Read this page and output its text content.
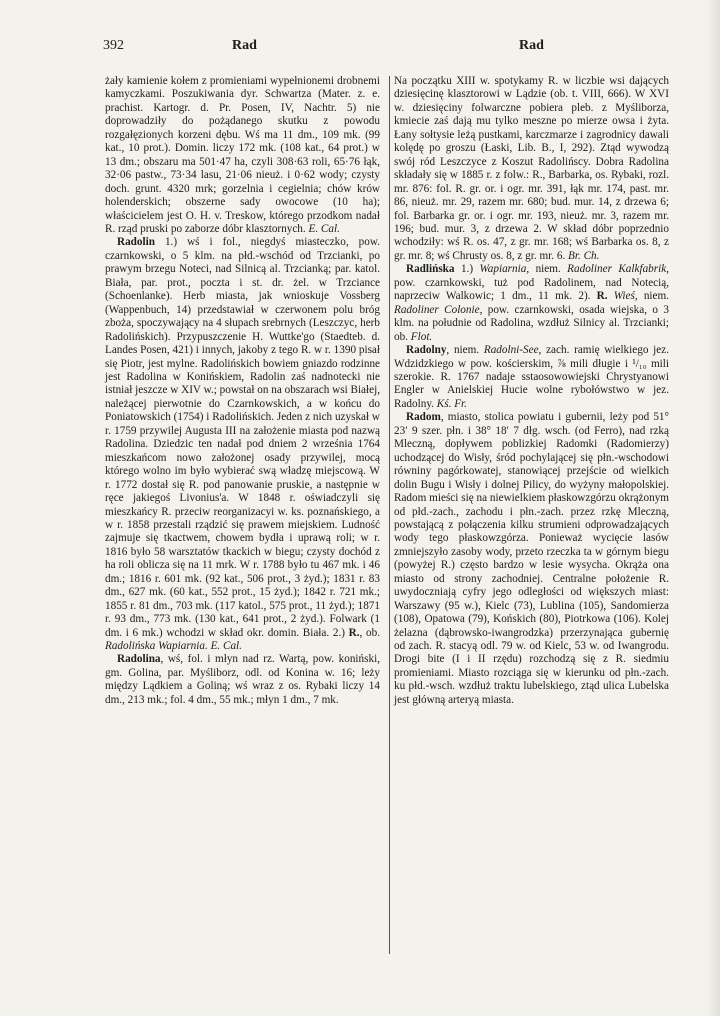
392	Rad	Rad

żały kamienie kołem z promieniami wypełnionemi drobnemi kamyczkami. Poszukiwania dyr. Schwartza (Mater. z. e. prachist. Kartogr. d. Pr. Posen, IV, Nachtr. 5) nie doprowadziły do pożądanego skutku z powodu rozgałęzionych korzeni dębu. Wś ma 11 dm., 109 mk. (99 kat., 10 prot.). Domin. liczy 172 mk. (108 kat., 64 prot.) w 13 dm.; obszaru ma 501·47 ha, czyli 308·63 roli, 65·76 łąk, 32·06 pastw., 73·34 lasu, 21·06 nieuż. i 0·62 wody; czysty doch. grunt. 4320 mrk; gorzelnia i cegielnia; chów krów holenderskich; obszerne sady owocowe (10 ha); właścicielem jest O. H. v. Treskow, którego przodkom nadał R. rząd pruski po zaborze dóbr klasztornych. E. Cal.

Radolin 1.) wś i fol., niegdyś miasteczko, pow. czarnkowski, o 5 klm. na płd.-wschód od Trzcianki, po prawym brzegu Noteci, nad Silnicą al. Trzcianką; par. katol. Biała, par. prot., poczta i st. dr. żel. w Trzciance (Schoenlanke). Herb miasta, jak wnioskuje Vossberg (Wappenbuch, 14) przedstawiał w czerwonem polu bróg zboża, spoczywający na 4 słupach srebrnych (Leszczyc, herb Radolińskich). Przypuszczenie H. Wuttke'go (Staedteb. d. Landes Posen, 421) i innych, jakoby z tego R. w r. 1390 pisał się Piotr, jest mylne. Radolińskich bowiem gniazdo rodzinne jest Radolina w Konińskiem, Radolin zaś nadnotecki nie istniał jeszcze w XIV w.; powstał on na obszarach wsi Białej, należącej pierwotnie do Czarnkowskich, a w końcu do Poniatowskich (1754) i Radolińskich. Jeden z nich uzyskał w r. 1759 przywilej Augusta III na założenie miasta pod nazwą Radolina. Dziedzic ten nadał pod dniem 2 września 1764 mieszkańcom nowo założonej osady przywilej, mocą którego wolno im było wybierać swą władzę miejscową. W r. 1772 dostał się R. pod panowanie pruskie, a następnie w ręce jakiegoś Livonius'a. W 1848 r. oświadczyli się mieszkańcy R. przeciw reorganizacyi w. ks. poznańskiego, a w r. 1858 przestali rządzić się prawem miejskiem. Ludność zajmuje się tkactwem, chowem bydła i uprawą roli; w r. 1816 było 58 warsztatów tkackich w biegu; czysty dochód z ha roli oblicza się na 11 mrk. W r. 1788 było tu 467 mk. i 46 dm.; 1816 r. 601 mk. (92 kat., 506 prot., 3 żyd.); 1831 r. 83 dm., 627 mk. (60 kat., 552 prot., 15 żyd.); 1842 r. 721 mk.; 1855 r. 81 dm., 703 mk. (117 katol., 575 prot., 11 żyd.); 1871 r. 93 dm., 773 mk. (130 kat., 641 prot., 2 żyd.). Folwark (1 dm. i 6 mk.) wchodzi w skład okr. domin. Biała. 2.) R., ob. Radolińska Wapiarnia. E. Cal.

Radolina, wś, fol. i młyn nad rz. Wartą, pow. koniński, gm. Golina, par. Myśliborz, odl. od Konina w. 16; leży między Lądkiem a Goliną; wś wraz z os. Rybaki liczy 14 dm., 213 mk.; fol. 4 dm., 55 mk.; młyn 1 dm., 7 mk.

Na początku XIII w. spotykamy R. w liczbie wsi dających dziesięcinę klasztorowi w Lądzie (ob. t. VIII, 666). W XVI w. dziesięciny folwarczne pobiera pleb. z Myśliborza, kmiecie zaś dają mu tylko meszne po mierze owsa i żyta. Łany sołtysie leżą pustkami, karczmarze i zagrodnicy dawali kolędę po groszu (Łaski, Lib. B., I, 292). Ztąd wywodzą swój ród Leszczyce z Koszut Radolińscy. Dobra Radolina składały się w 1885 r. z folw.: R., Barbarka, os. Rybaki, rozl. mr. 876: fol. R. gr. or. i ogr. mr. 391, łąk mr. 174, past. mr. 86, nieuż. mr. 29, razem mr. 680; bud. mur. 14, z drzewa 6; fol. Barbarka gr. or. i ogr. mr. 193, nieuż. mr. 3, razem mr. 196; bud. mur. 3, z drzewa 2. W skład dóbr poprzednio wchodziły: wś R. os. 47, z gr. mr. 168; wś Barbarka os. 8, z gr. mr. 8; wś Chrusty os. 8, z gr. mr. 6. Br. Ch.

Radlińska 1.) Wapiarnia, niem. Radoliner Kalkfabrik, pow. czarnkowski, tuż pod Radolinem, nad Notecią, naprzeciw Walkowic; 1 dm., 11 mk. 2). R. Wieś, niem. Radoliner Colonie, pow. czarnkowski, osada wiejska, o 3 klm. na południe od Radolina, wzdłuż Silnicy al. Trzcianki; ob. Flot.

Radolny, niem. Radolni-See, zach. ramię wielkiego jez. Wdzidzkiego w pow. kościerskim, ⅞ mili długie i ¹/₁₀ mili szerokie. R. 1767 nadaje sstaosowowiejski Chrystyanowi Engler w Anielskiej Hucie wolne rybołówstwo w jez. Radolny. Kś. Fr.

Radom, miasto, stolica powiatu i gubernii, leży pod 51° 23′ 9 szer. płn. i 38° 18′ 7 dłg. wsch. (od Ferro), nad rzką Mleczną, dopływem poblizkiej Radomki (Radomierzy) uchodzącej do Wisły, śród pochylającej się płn.-wschodowi równiny pagórkowatej, stanowiącej przejście od wielkich dolin Bugu i Wisły i dolnej Pilicy, do wyżyny małopolskiej. Radom mieści się na niewielkiem płaskowzgórzu okrążonym od płd.-zach., zachodu i płn.-zach. przez rzkę Mleczną, powstającą z połączenia kilku strumieni odprowadzających wody tego płaskowzgórza. Ponieważ wycięcie lasów zmniejszyło zasoby wody, przeto rzeczka ta w górnym biegu (powyżej R.) często bardzo w lesie wysycha. Okrąża ona miasto od strony zachodniej. Centralne położenie R. uwydoczniają cyfry jego odległości od większych miast: Warszawy (95 w.), Kielc (73), Lublina (105), Sandomierza (108), Opatowa (79), Końskich (80), Piotrkowa (106). Kolej żelazna (dąbrowsko-iwangrodzka) przerzynająca gubernię od zach. R. stacyą odl. 79 w. od Kielc, 53 w. od Iwangrodu. Drogi bite (I i II rzędu) rozchodzą się z R. siedmiu promieniami. Miasto rozciąga się w kierunku od płn.-zach. ku płd.-wsch. wzdłuż traktu lubelskiego, ztąd ulica Lubelska jest główną arteryą miasta.
